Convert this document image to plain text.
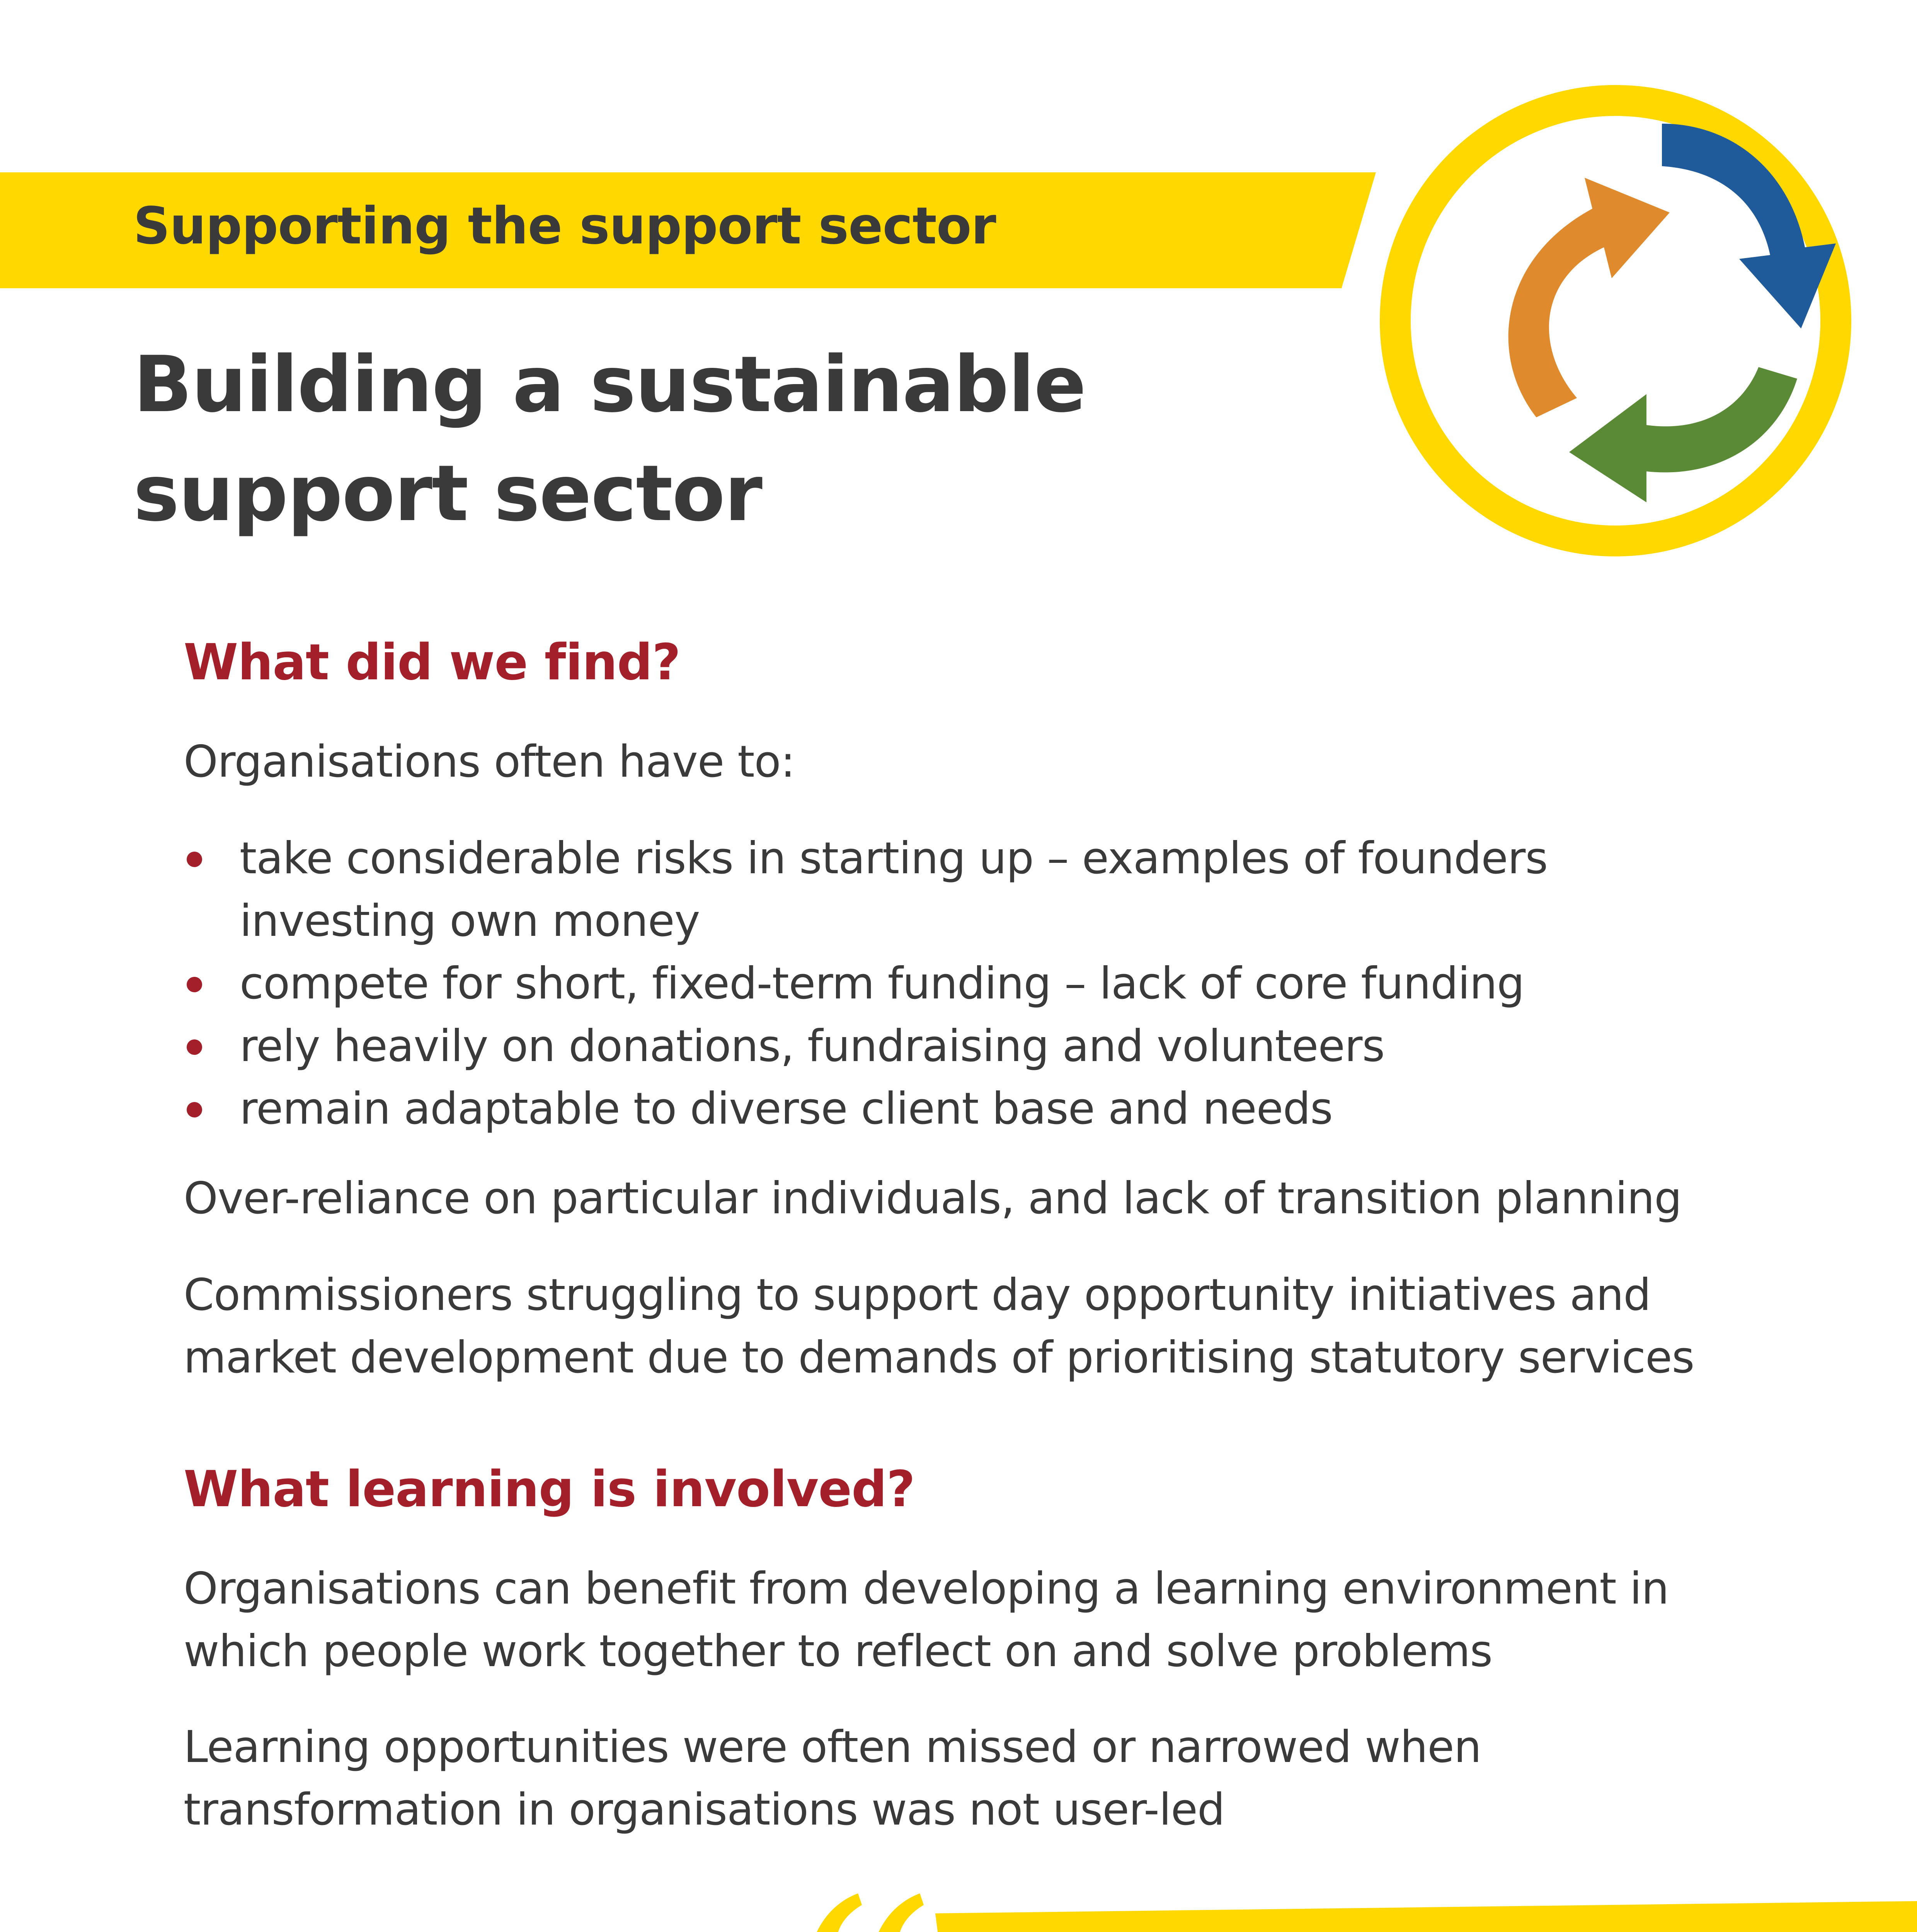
Supporting the support sector
Building a sustainable
support sector
What did we find?
Organisations often have to:
take considerable risks in starting up – examples of founders
investing own money
compete for short, fixed-term funding – lack of core funding
rely heavily on donations, fundraising and volunteers
remain adaptable to diverse client base and needs
Over-reliance on particular individuals, and lack of transition planning
Commissioners struggling to support day opportunity initiatives and
market development due to demands of prioritising statutory services
What learning is involved?
Organisations can benefit from developing a learning environment in
which people work together to reflect on and solve problems
Learning opportunities were often missed or narrowed when
transformation in organisations was not user-led
